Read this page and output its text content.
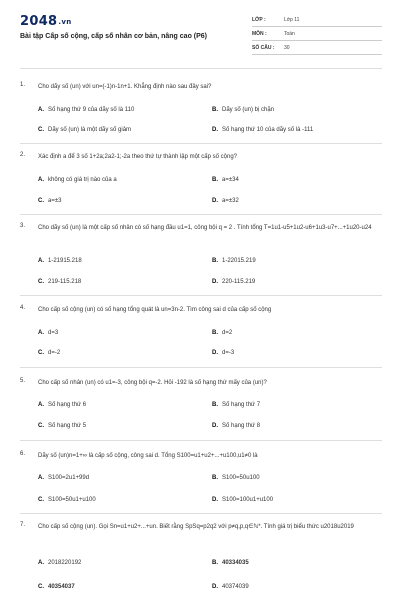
2048.vn
Bài tập Cấp số cộng, cấp số nhân cơ bản, nâng cao (P6)
LỚP :	Lớp 11
MÔN :	Toán
SỐ CÂU : 30
1. Cho dãy số (un) với un=(-1)n-1n+1. Khẳng định nào sau đây sai?
A. Số hạng thứ 9 của dãy số là 110	B. Dãy số (un) bị chặn
C. Dãy số (un) là một dãy số giảm	D. Số hạng thứ 10 của dãy số là -111
2. Xác định a để 3 số 1+2a;2a2-1;-2a theo thứ tự thành lập một cấp số cộng?
A. không có giá trị nào của a	B. a=±34
C. a=±3	D. a=±32
3. Cho dãy số (un) là một cấp số nhân có số hạng đầu u1=1, công bội q = 2 . Tính tổng T=1u1-u5+1u2-u6+1u3-u7+...+1u20-u24
A. 1-21915.218	B. 1-22015.219
C. 219-115.218	D. 220-115.219
4. Cho cấp số cộng (un) có số hạng tổng quát là un=3n-2. Tìm công sai d của cấp số cộng
A. d=3	B. d=2
C. d=-2	D. d=-3
5. Cho cấp số nhân (un) có u1=-3, công bội q=-2. Hỏi -192 là số hạng thứ mấy của (un)?
A. Số hạng thứ 6	B. Số hạng thứ 7
C. Số hạng thứ 5	D. Số hạng thứ 8
6. Dãy số (un)n=1+∞ là cấp số cộng, công sai d. Tổng S100=u1+u2+...+u100,u1≠0 là
A. S100=2u1+99d	B. S100=50u100
C. S100=50u1+u100	D. S100=100u1+u100
7. Cho cấp số cộng (un). Gọi Sn=u1+u2+...+un. Biết rằng SpSq=p2q2 với p≠q,p,q∈ℕ*. Tính giá trị biểu thức u2018u2019
A. 2018220192	B. 40334035
C. 40354037	D. 40374039
